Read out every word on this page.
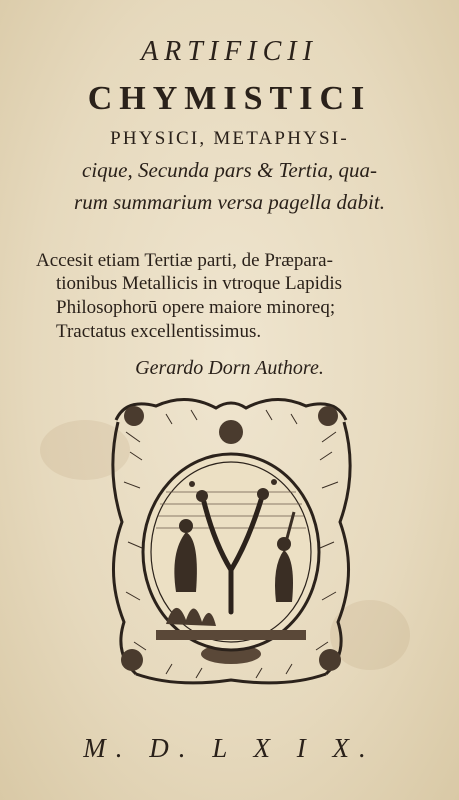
ARTIFICII
CHYMISTICI
PHYSICI, METAPHYSI-
cique, Secunda pars & Tertia, qua-
rum summarium versa pagella dabit.
Accesit etiam Tertiæ parti, de Præpara-
tionibus Metallicis in vtroque Lapidis
Philosophorū opere maiore minoreq;
Tractatus excellentissimus.
Gerardo Dorn Authore.
M. D. L X I X.
